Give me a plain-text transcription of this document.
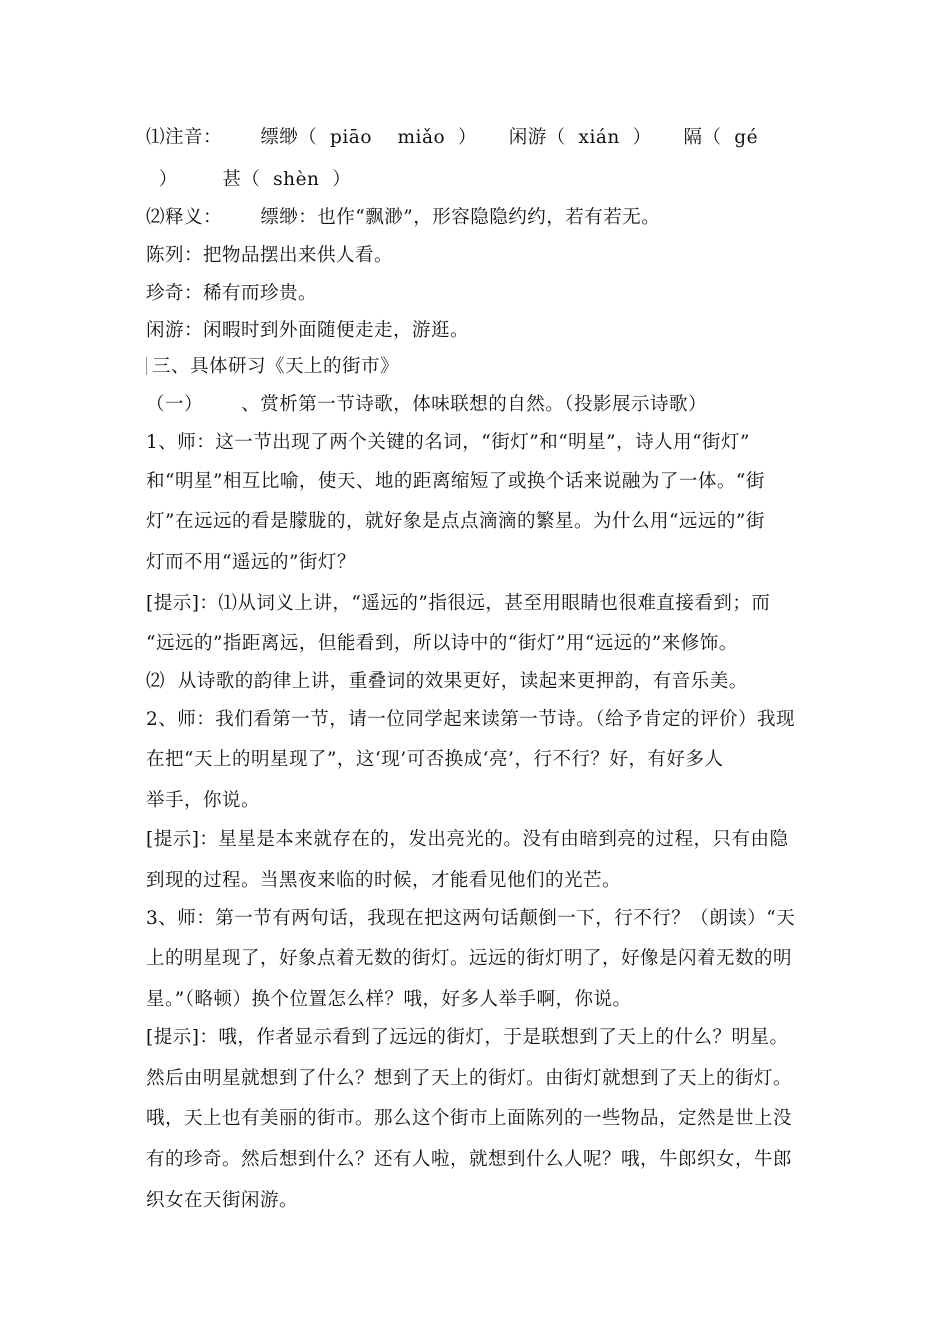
⑴注音：      缥缈（  piāo    miǎo  ）     闲游（  xián  ）     隔（  gé
）       甚（  shèn  ）
⑵释义：      缥缈：也作“飘渺”，形容隐隐约约，若有若无。
陈列：把物品摆出来供人看。
珍奇：稀有而珍贵。
闲游：闲暇时到外面随便走走，游逛。
三、具体研习《天上的街市》
（一）      、赏析第一节诗歌，体味联想的自然。（投影展示诗歌）
1、师：这一节出现了两个关键的名词，“街灯”和“明星”，诗人用“街灯”
和“明星”相互比喻，使天、地的距离缩短了或换个话来说融为了一体。“街
灯”在远远的看是朦胧的，就好象是点点滴滴的繁星。为什么用“远远的”街
灯而不用“遥远的”街灯？
[提示]：⑴从词义上讲，“遥远的”指很远，甚至用眼睛也很难直接看到；而
“远远的”指距离远，但能看到，所以诗中的“街灯”用“远远的”来修饰。
⑵  从诗歌的韵律上讲，重叠词的效果更好，读起来更押韵，有音乐美。
2、师：我们看第一节，请一位同学起来读第一节诗。（给予肯定的评价）我现
在把“天上的明星现了”，这‘现’可否换成‘亮’，行不行？好，有好多人
举手，你说。
[提示]：星星是本来就存在的，发出亮光的。没有由暗到亮的过程，只有由隐
到现的过程。当黑夜来临的时候，才能看见他们的光芒。
3、师：第一节有两句话，我现在把这两句话颠倒一下，行不行？（朗读）“天
上的明星现了，好象点着无数的街灯。远远的街灯明了，好像是闪着无数的明
星。”（略顿）换个位置怎么样？哦，好多人举手啊，你说。
[提示]：哦，作者显示看到了远远的街灯，于是联想到了天上的什么？明星。
然后由明星就想到了什么？想到了天上的街灯。由街灯就想到了天上的街灯。
哦，天上也有美丽的街市。那么这个街市上面陈列的一些物品，定然是世上没
有的珍奇。然后想到什么？还有人啦，就想到什么人呢？哦，牛郎织女，牛郎
织女在天街闲游。
